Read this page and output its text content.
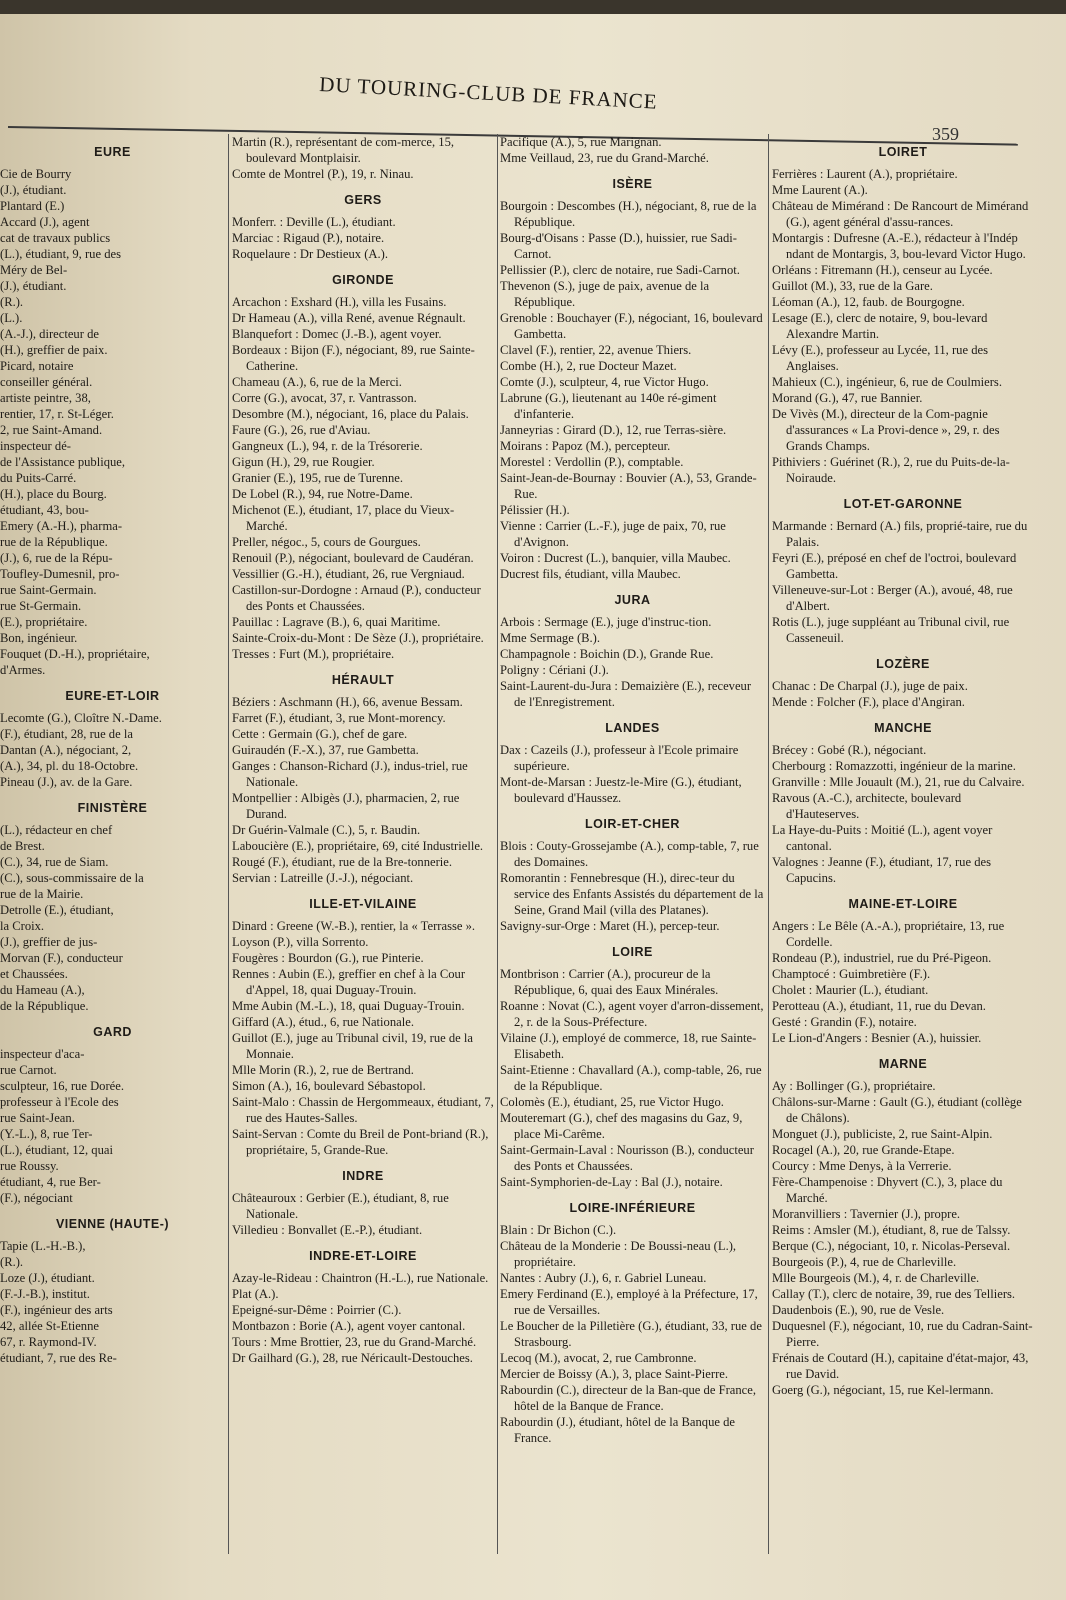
DU TOURING-CLUB DE FRANCE
359
EURE

Cie de Bourry

(J.), étudiant.

Plantard (E.)

Accard (J.), agent

cat de travaux publics

(L.), étudiant, 9, rue des

Méry de Bel-

(J.), étudiant.

(R.).

(L.).

(A.-J.), directeur de

(H.), greffier de paix.

Picard, notaire

conseiller général.

artiste peintre, 38,

rentier, 17, r. St-Léger.

2, rue Saint-Amand.

inspecteur dé-

de l'Assistance publique,

du Puits-Carré.

(H.), place du Bourg.

étudiant, 43, bou-

Emery (A.-H.), pharma-

rue de la République.

(J.), 6, rue de la Répu-

Toufley-Dumesnil, pro-

rue Saint-Germain.

rue St-Germain.

(E.), propriétaire.

Bon, ingénieur.

Fouquet (D.-H.), propriétaire,

d'Armes.

EURE-ET-LOIR

Lecomte (G.), Cloître N.-Dame.

(F.), étudiant, 28, rue de la

Dantan (A.), négociant, 2,

(A.), 34, pl. du 18-Octobre.

Pineau (J.), av. de la Gare.

FINISTÈRE

(L.), rédacteur en chef

de Brest.

(C.), 34, rue de Siam.

(C.), sous-commissaire de la

rue de la Mairie.

Detrolle (E.), étudiant,

la Croix.

(J.), greffier de jus-

Morvan (F.), conducteur

et Chaussées.

du Hameau (A.),

de la République.

GARD

inspecteur d'aca-

rue Carnot.

sculpteur, 16, rue Dorée.

professeur à l'Ecole des

rue Saint-Jean.

(Y.-L.), 8, rue Ter-

(L.), étudiant, 12, quai

rue Roussy.

étudiant, 4, rue Ber-

(F.), négociant

VIENNE (HAUTE-)

Tapie (L.-H.-B.),

(R.).

Loze (J.), étudiant.

(F.-J.-B.), institut.

(F.), ingénieur des arts

42, allée St-Etienne

67, r. Raymond-IV.

étudiant, 7, rue des Re-

Martin (R.), représentant de com-merce, 15, boulevard Montplaisir.

Comte de Montrel (P.), 19, r. Ninau.

GERS

Monferr. : Deville (L.), étudiant.

Marciac : Rigaud (P.), notaire.

Roquelaure : Dr Destieux (A.).

GIRONDE

Arcachon : Exshard (H.), villa les Fusains.

Dr Hameau (A.), villa René, avenue Régnault.

Blanquefort : Domec (J.-B.), agent voyer.

Bordeaux : Bijon (F.), négociant, 89, rue Sainte-Catherine.

Chameau (A.), 6, rue de la Merci.

Corre (G.), avocat, 37, r. Vantrasson.

Desombre (M.), négociant, 16, place du Palais.

Faure (G.), 26, rue d'Aviau.

Gangneux (L.), 94, r. de la Trésorerie.

Gigun (H.), 29, rue Rougier.

Granier (E.), 195, rue de Turenne.

De Lobel (R.), 94, rue Notre-Dame.

Michenot (E.), étudiant, 17, place du Vieux-Marché.

Preller, négoc., 5, cours de Gourgues.

Renouil (P.), négociant, boulevard de Caudéran.

Vessillier (G.-H.), étudiant, 26, rue Vergniaud.

Castillon-sur-Dordogne : Arnaud (P.), conducteur des Ponts et Chaussées.

Pauillac : Lagrave (B.), 6, quai Maritime.

Sainte-Croix-du-Mont : De Sèze (J.), propriétaire.

Tresses : Furt (M.), propriétaire.

HÉRAULT

Béziers : Aschmann (H.), 66, avenue Bessam.

Farret (F.), étudiant, 3, rue Mont-morency.

Cette : Germain (G.), chef de gare.

Guiraudén (F.-X.), 37, rue Gambetta.

Ganges : Chanson-Richard (J.), indus-triel, rue Nationale.

Montpellier : Albigès (J.), pharmacien, 2, rue Durand.

Dr Guérin-Valmale (C.), 5, r. Baudin.

Laboucière (E.), propriétaire, 69, cité Industrielle.

Rougé (F.), étudiant, rue de la Bre-tonnerie.

Servian : Latreille (J.-J.), négociant.

ILLE-ET-VILAINE

Dinard : Greene (W.-B.), rentier, la « Terrasse ».

Loyson (P.), villa Sorrento.

Fougères : Bourdon (G.), rue Pinterie.

Rennes : Aubin (E.), greffier en chef à la Cour d'Appel, 18, quai Duguay-Trouin.

Mme Aubin (M.-L.), 18, quai Duguay-Trouin.

Giffard (A.), étud., 6, rue Nationale.

Guillot (E.), juge au Tribunal civil, 19, rue de la Monnaie.

Mlle Morin (R.), 2, rue de Bertrand.

Simon (A.), 16, boulevard Sébastopol.

Saint-Malo : Chassin de Hergommeaux, étudiant, 7, rue des Hautes-Salles.

Saint-Servan : Comte du Breil de Pont-briand (R.), propriétaire, 5, Grande-Rue.

INDRE

Châteauroux : Gerbier (E.), étudiant, 8, rue Nationale.

Villedieu : Bonvallet (E.-P.), étudiant.

INDRE-ET-LOIRE

Azay-le-Rideau : Chaintron (H.-L.), rue Nationale.

Plat (A.).

Epeigné-sur-Dême : Poirrier (C.).

Montbazon : Borie (A.), agent voyer cantonal.

Tours : Mme Brottier, 23, rue du Grand-Marché.

Dr Gailhard (G.), 28, rue Néricault-Destouches.

Pacifique (A.), 5, rue Marignan.

Mme Veillaud, 23, rue du Grand-Marché.

ISÈRE

Bourgoin : Descombes (H.), négociant, 8, rue de la République.

Bourg-d'Oisans : Passe (D.), huissier, rue Sadi-Carnot.

Pellissier (P.), clerc de notaire, rue Sadi-Carnot.

Thevenon (S.), juge de paix, avenue de la République.

Grenoble : Bouchayer (F.), négociant, 16, boulevard Gambetta.

Clavel (F.), rentier, 22, avenue Thiers.

Combe (H.), 2, rue Docteur Mazet.

Comte (J.), sculpteur, 4, rue Victor Hugo.

Labrune (G.), lieutenant au 140e ré-giment d'infanterie.

Janneyrias : Girard (D.), 12, rue Terras-sière.

Moirans : Papoz (M.), percepteur.

Morestel : Verdollin (P.), comptable.

Saint-Jean-de-Bournay : Bouvier (A.), 53, Grande-Rue.

Pélissier (H.).

Vienne : Carrier (L.-F.), juge de paix, 70, rue d'Avignon.

Voiron : Ducrest (L.), banquier, villa Maubec.

Ducrest fils, étudiant, villa Maubec.

JURA

Arbois : Sermage (E.), juge d'instruc-tion.

Mme Sermage (B.).

Champagnole : Boichin (D.), Grande Rue.

Poligny : Cériani (J.).

Saint-Laurent-du-Jura : Demaizière (E.), receveur de l'Enregistrement.

LANDES

Dax : Cazeils (J.), professeur à l'Ecole primaire supérieure.

Mont-de-Marsan : Juestz-le-Mire (G.), étudiant, boulevard d'Haussez.

LOIR-ET-CHER

Blois : Couty-Grossejambe (A.), comp-table, 7, rue des Domaines.

Romorantin : Fennebresque (H.), direc-teur du service des Enfants Assistés du département de la Seine, Grand Mail (villa des Platanes).

Savigny-sur-Orge : Maret (H.), percep-teur.

LOIRE

Montbrison : Carrier (A.), procureur de la République, 6, quai des Eaux Minérales.

Roanne : Novat (C.), agent voyer d'arron-dissement, 2, r. de la Sous-Préfecture.

Vilaine (J.), employé de commerce, 18, rue Sainte-Elisabeth.

Saint-Etienne : Chavallard (A.), comp-table, 26, rue de la République.

Colomès (E.), étudiant, 25, rue Victor Hugo.

Mouteremart (G.), chef des magasins du Gaz, 9, place Mi-Carême.

Saint-Germain-Laval : Nourisson (B.), conducteur des Ponts et Chaussées.

Saint-Symphorien-de-Lay : Bal (J.), notaire.

LOIRE-INFÉRIEURE

Blain : Dr Bichon (C.).

Château de la Monderie : De Boussi-neau (L.), propriétaire.

Nantes : Aubry (J.), 6, r. Gabriel Luneau.

Emery Ferdinand (E.), employé à la Préfecture, 17, rue de Versailles.

Le Boucher de la Pilletière (G.), étudiant, 33, rue de Strasbourg.

Lecoq (M.), avocat, 2, rue Cambronne.

Mercier de Boissy (A.), 3, place Saint-Pierre.

Rabourdin (C.), directeur de la Ban-que de France, hôtel de la Banque de France.

Rabourdin (J.), étudiant, hôtel de la Banque de France.

LOIRET

Ferrières : Laurent (A.), propriétaire.

Mme Laurent (A.).

Château de Mimérand : De Rancourt de Mimérand (G.), agent général d'assu-rances.

Montargis : Dufresne (A.-E.), rédacteur à l'Indép ndant de Montargis, 3, bou-levard Victor Hugo.

Orléans : Fitremann (H.), censeur au Lycée.

Guillot (M.), 33, rue de la Gare.

Léoman (A.), 12, faub. de Bourgogne.

Lesage (E.), clerc de notaire, 9, bou-levard Alexandre Martin.

Lévy (E.), professeur au Lycée, 11, rue des Anglaises.

Mahieux (C.), ingénieur, 6, rue de Coulmiers.

Morand (G.), 47, rue Bannier.

De Vivès (M.), directeur de la Com-pagnie d'assurances « La Provi-dence », 29, r. des Grands Champs.

Pithiviers : Guérinet (R.), 2, rue du Puits-de-la-Noiraude.

LOT-ET-GARONNE

Marmande : Bernard (A.) fils, proprié-taire, rue du Palais.

Feyri (E.), préposé en chef de l'octroi, boulevard Gambetta.

Villeneuve-sur-Lot : Berger (A.), avoué, 48, rue d'Albert.

Rotis (L.), juge suppléant au Tribunal civil, rue Casseneuil.

LOZÈRE

Chanac : De Charpal (J.), juge de paix.

Mende : Folcher (F.), place d'Angiran.

MANCHE

Brécey : Gobé (R.), négociant.

Cherbourg : Romazzotti, ingénieur de la marine.

Granville : Mlle Jouault (M.), 21, rue du Calvaire.

Ravous (A.-C.), architecte, boulevard d'Hauteserves.

La Haye-du-Puits : Moitié (L.), agent voyer cantonal.

Valognes : Jeanne (F.), étudiant, 17, rue des Capucins.

MAINE-ET-LOIRE

Angers : Le Bêle (A.-A.), propriétaire, 13, rue Cordelle.

Rondeau (P.), industriel, rue du Pré-Pigeon.

Champtocé : Guimbretière (F.).

Cholet : Maurier (L.), étudiant.

Perotteau (A.), étudiant, 11, rue du Devan.

Gesté : Grandin (F.), notaire.

Le Lion-d'Angers : Besnier (A.), huissier.

MARNE

Ay : Bollinger (G.), propriétaire.

Châlons-sur-Marne : Gault (G.), étudiant (collège de Châlons).

Monguet (J.), publiciste, 2, rue Saint-Alpin.

Rocagel (A.), 20, rue Grande-Etape.

Courcy : Mme Denys, à la Verrerie.

Fère-Champenoise : Dhyvert (C.), 3, place du Marché.

Moranvilliers : Tavernier (J.), propre.

Reims : Amsler (M.), étudiant, 8, rue de Talssy.

Berque (C.), négociant, 10, r. Nicolas-Perseval.

Bourgeois (P.), 4, rue de Charleville.

Mlle Bourgeois (M.), 4, r. de Charleville.

Callay (T.), clerc de notaire, 39, rue des Telliers.

Daudenbois (E.), 90, rue de Vesle.

Duquesnel (F.), négociant, 10, rue du Cadran-Saint-Pierre.

Frénais de Coutard (H.), capitaine d'état-major, 43, rue David.

Goerg (G.), négociant, 15, rue Kel-lermann.
